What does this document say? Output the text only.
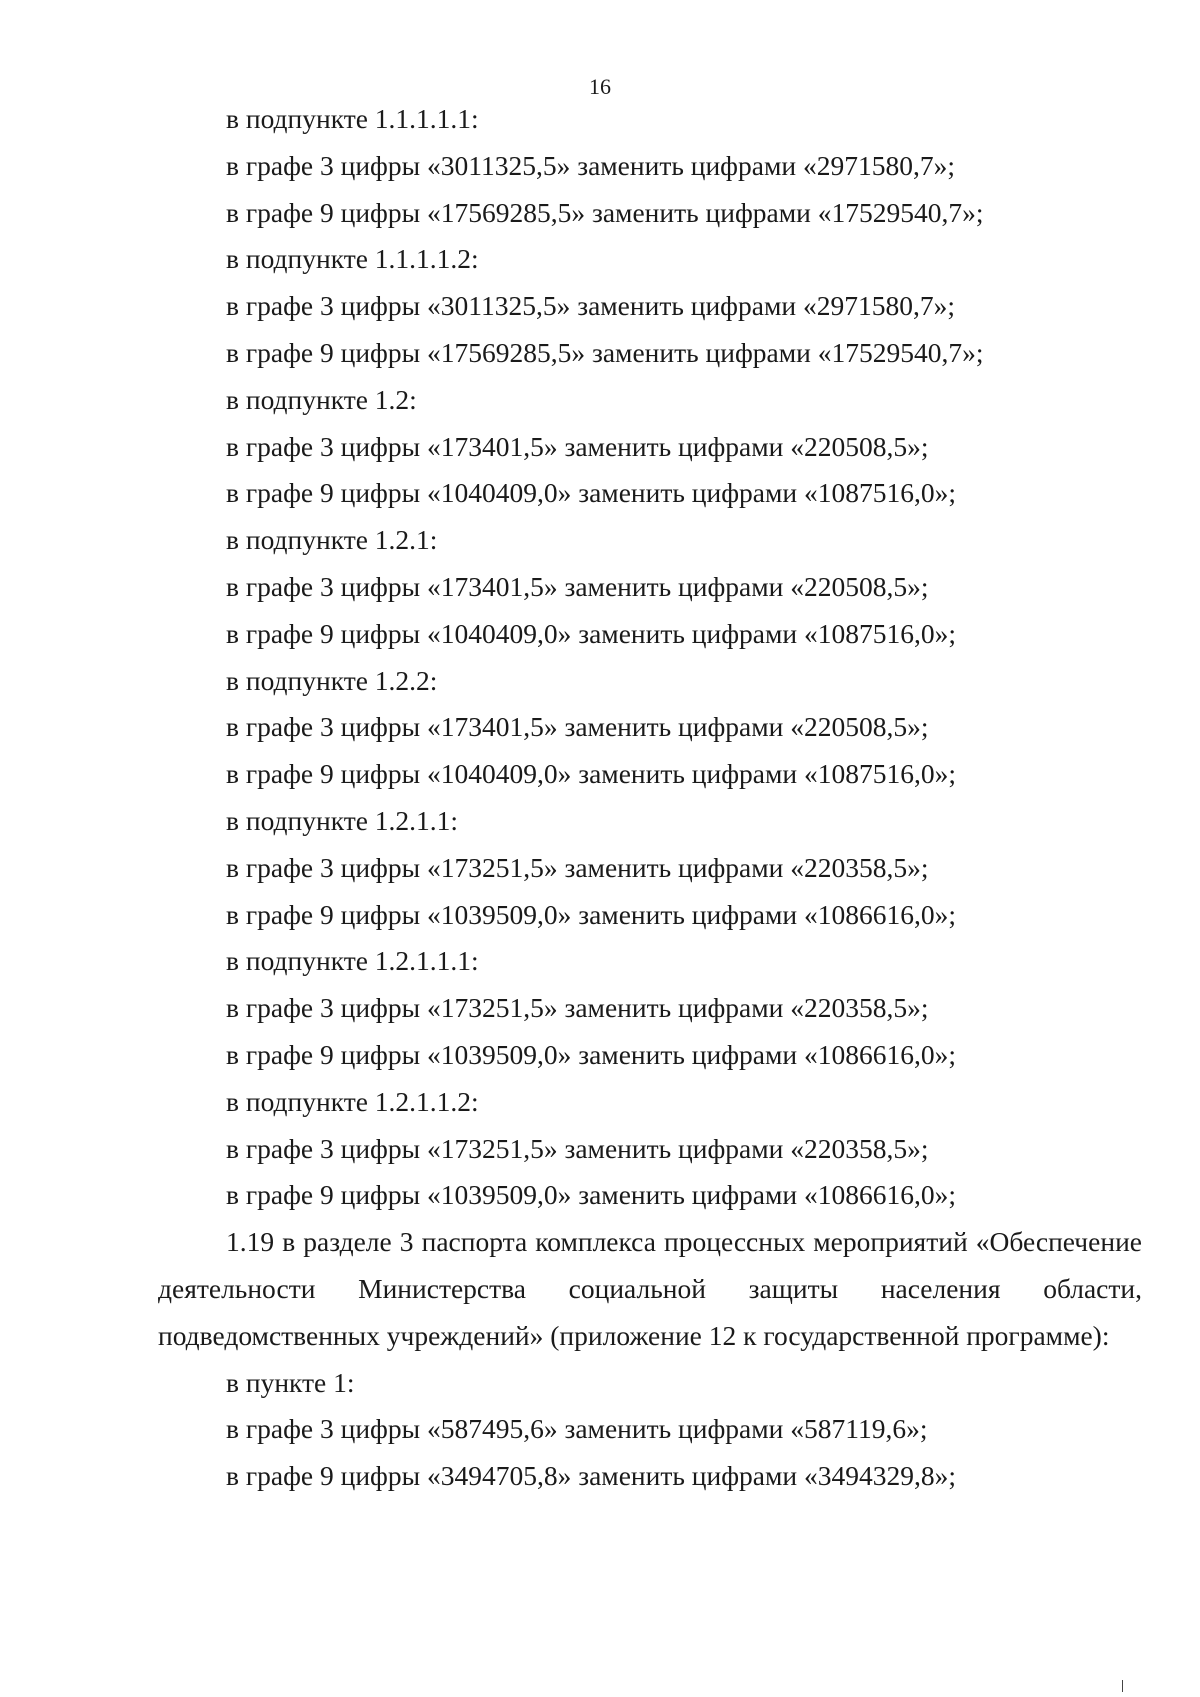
16

в подпункте 1.1.1.1.1:

в графе 3 цифры «3011325,5» заменить цифрами «2971580,7»;

в графе 9 цифры «17569285,5» заменить цифрами «17529540,7»;

в подпункте 1.1.1.1.2:

в графе 3 цифры «3011325,5» заменить цифрами «2971580,7»;

в графе 9 цифры «17569285,5» заменить цифрами «17529540,7»;

в подпункте 1.2:

в графе 3 цифры «173401,5» заменить цифрами «220508,5»;

в графе 9 цифры «1040409,0» заменить цифрами «1087516,0»;

в подпункте 1.2.1:

в графе 3 цифры «173401,5» заменить цифрами «220508,5»;

в графе 9 цифры «1040409,0» заменить цифрами «1087516,0»;

в подпункте 1.2.2:

в графе 3 цифры «173401,5» заменить цифрами «220508,5»;

в графе 9 цифры «1040409,0» заменить цифрами «1087516,0»;

в подпункте 1.2.1.1:

в графе 3 цифры «173251,5» заменить цифрами «220358,5»;

в графе 9 цифры «1039509,0» заменить цифрами «1086616,0»;

в подпункте 1.2.1.1.1:

в графе 3 цифры «173251,5» заменить цифрами «220358,5»;

в графе 9 цифры «1039509,0» заменить цифрами «1086616,0»;

в подпункте 1.2.1.1.2:

в графе 3 цифры «173251,5» заменить цифрами «220358,5»;

в графе 9 цифры «1039509,0» заменить цифрами «1086616,0»;

1.19 в разделе 3 паспорта комплекса процессных мероприятий «Обеспечение деятельности Министерства социальной защиты населения области, подведомственных учреждений» (приложение 12 к государственной программе):

в пункте 1:

в графе 3 цифры «587495,6» заменить цифрами «587119,6»;

в графе 9 цифры «3494705,8» заменить цифрами «3494329,8»;
